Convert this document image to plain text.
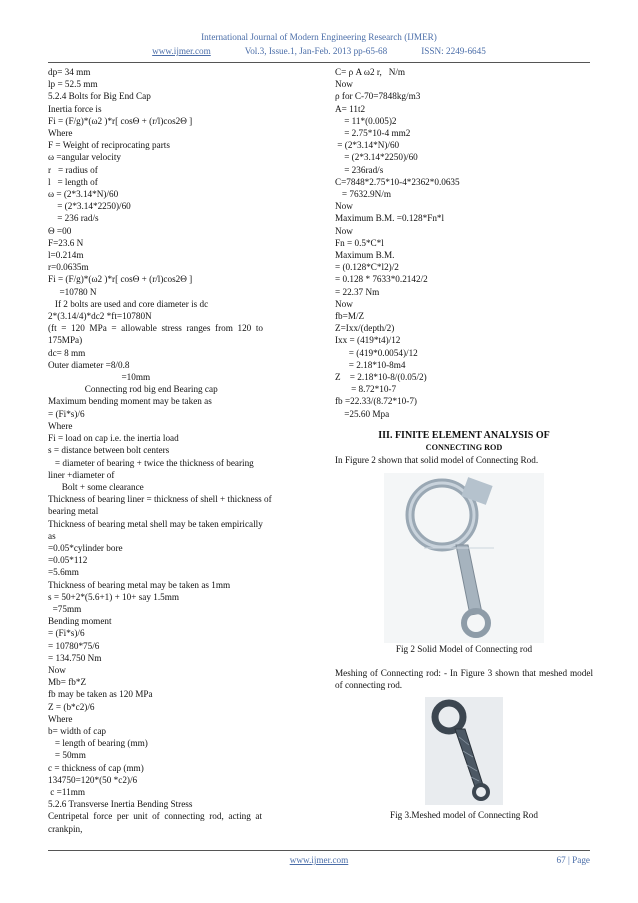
International Journal of Modern Engineering Research (IJMER)
www.ijmer.com	Vol.3, Issue.1, Jan-Feb. 2013 pp-65-68	ISSN: 2249-6645
dp= 34 mm
lp = 52.5 mm
5.2.4 Bolts for Big End Cap
Inertia force is
Fi = (F/g)*(ω2 )*r[ cosΘ + (r/l)cos2Θ ]
Where
F = Weight of reciprocating parts
ω =angular velocity
r   = radius of
l   = length of
ω = (2*3.14*N)/60
= (2*3.14*2250)/60
= 236 rad/s
Θ =00
F=23.6 N
l=0.214m
r=0.0635m
Fi = (F/g)*(ω2 )*r[ cosΘ + (r/l)cos2Θ ]
=10780 N
If 2 bolts are used and core diameter is dc
2*(3.14/4)*dc2 *ft=10780N
(ft  =  120  MPa  =  allowable  stress  ranges  from  120  to
175MPa)
dc= 8 mm
Outer diameter =8/0.8
=10mm
Connecting rod big end Bearing cap
Maximum bending moment may be taken as
= (Fi*s)/6
Where
Fi = load on cap i.e. the inertia load
s = distance between bolt centers
= diameter of bearing + twice the thickness of bearing
liner +diameter of
Bolt + some clearance
Thickness of bearing liner = thickness of shell + thickness of
bearing metal
Thickness of bearing metal shell may be taken empirically
as
=0.05*cylinder bore
=0.05*112
=5.6mm
Thickness of bearing metal may be taken as 1mm
s = 50+2*(5.6+1) + 10+ say 1.5mm
=75mm
Bending moment
= (Fi*s)/6
= 10780*75/6
= 134.750 Nm
Now
Mb= fb*Z
fb may be taken as 120 MPa
Z = (b*c2)/6
Where
b= width of cap
= length of bearing (mm)
= 50mm
c = thickness of cap (mm)
134750=120*(50 *c2)/6
c =11mm
5.2.6 Transverse Inertia Bending Stress
Centripetal  force  per  unit  of  connecting  rod,  acting  at
crankpin,
C= ρ A ω2 r,   N/m
Now
ρ for C-70=7848kg/m3
A= 11t2
= 11*(0.005)2
= 2.75*10-4 mm2
= (2*3.14*N)/60
= (2*3.14*2250)/60
= 236rad/s
C=7848*2.75*10-4*2362*0.0635
= 7632.9N/m
Now
Maximum B.M. =0.128*Fn*l
Now
Fn = 0.5*C*l
Maximum B.M.
= (0.128*C*l2)/2
= 0.128 * 7633*0.2142/2
= 22.37 Nm
Now
fb=M/Z
Z=Ixx/(depth/2)
Ixx = (419*t4)/12
= (419*0.0054)/12
= 2.18*10-8m4
Z    = 2.18*10-8/(0.05/2)
= 8.72*10-7
fb =22.33/(8.72*10-7)
=25.60 Mpa
III. FINITE ELEMENT ANALYSIS OF
CONNECTING ROD
In Figure 2 shown that solid model of Connecting Rod.
Fig 2 Solid Model of Connecting rod
Meshing of Connecting rod: - In Figure 3 shown that meshed model of connecting rod.
Fig 3.Meshed model of Connecting Rod
www.ijmer.com	67 | Page
